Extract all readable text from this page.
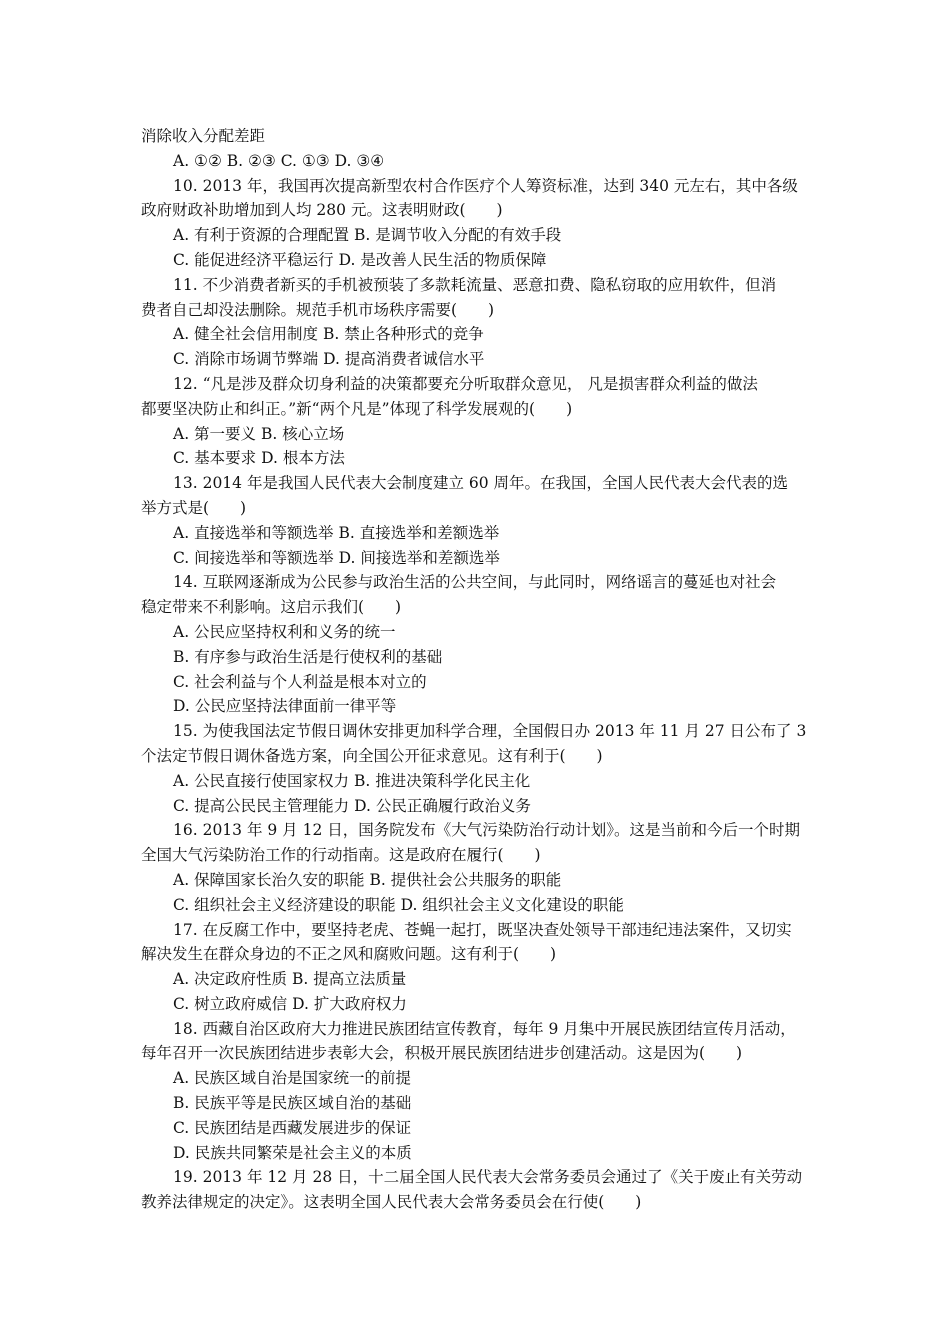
消除收入分配差距
A. ①② B. ②③ C. ①③ D. ③④
10. 2013 年，我国再次提高新型农村合作医疗个人筹资标准，达到 340 元左右，其中各级
政府财政补助增加到人均 280 元。这表明财政(　　)
A. 有利于资源的合理配置 B. 是调节收入分配的有效手段
C. 能促进经济平稳运行 D. 是改善人民生活的物质保障
11. 不少消费者新买的手机被预装了多款耗流量、恶意扣费、隐私窃取的应用软件，但消
费者自己却没法删除。规范手机市场秩序需要(　　)
A. 健全社会信用制度 B. 禁止各种形式的竞争
C. 消除市场调节弊端 D. 提高消费者诚信水平
12. “凡是涉及群众切身利益的决策都要充分听取群众意见， 凡是损害群众利益的做法
都要坚决防止和纠正。”新“两个凡是”体现了科学发展观的(　　)
A. 第一要义 B. 核心立场
C. 基本要求 D. 根本方法
13. 2014 年是我国人民代表大会制度建立 60 周年。在我国，全国人民代表大会代表的选
举方式是(　　)
A. 直接选举和等额选举 B. 直接选举和差额选举
C. 间接选举和等额选举 D. 间接选举和差额选举
14. 互联网逐渐成为公民参与政治生活的公共空间，与此同时，网络谣言的蔓延也对社会
稳定带来不利影响。这启示我们(　　)
A. 公民应坚持权利和义务的统一
B. 有序参与政治生活是行使权利的基础
C. 社会利益与个人利益是根本对立的
D. 公民应坚持法律面前一律平等
15. 为使我国法定节假日调休安排更加科学合理，全国假日办 2013 年 11 月 27 日公布了 3
个法定节假日调休备选方案，向全国公开征求意见。这有利于(　　)
A. 公民直接行使国家权力 B. 推进决策科学化民主化
C. 提高公民民主管理能力 D. 公民正确履行政治义务
16. 2013 年 9 月 12 日，国务院发布《大气污染防治行动计划》。这是当前和今后一个时期
全国大气污染防治工作的行动指南。这是政府在履行(　　)
A. 保障国家长治久安的职能 B. 提供社会公共服务的职能
C. 组织社会主义经济建设的职能 D. 组织社会主义文化建设的职能
17. 在反腐工作中，要坚持老虎、苍蝇一起打，既坚决查处领导干部违纪违法案件，又切实
解决发生在群众身边的不正之风和腐败问题。这有利于(　　)
A. 决定政府性质 B. 提高立法质量
C. 树立政府威信 D. 扩大政府权力
18. 西藏自治区政府大力推进民族团结宣传教育，每年 9 月集中开展民族团结宣传月活动，
每年召开一次民族团结进步表彰大会，积极开展民族团结进步创建活动。这是因为(　　)
A. 民族区域自治是国家统一的前提
B. 民族平等是民族区域自治的基础
C. 民族团结是西藏发展进步的保证
D. 民族共同繁荣是社会主义的本质
19. 2013 年 12 月 28 日，十二届全国人民代表大会常务委员会通过了《关于废止有关劳动
教养法律规定的决定》。这表明全国人民代表大会常务委员会在行使(　　)
